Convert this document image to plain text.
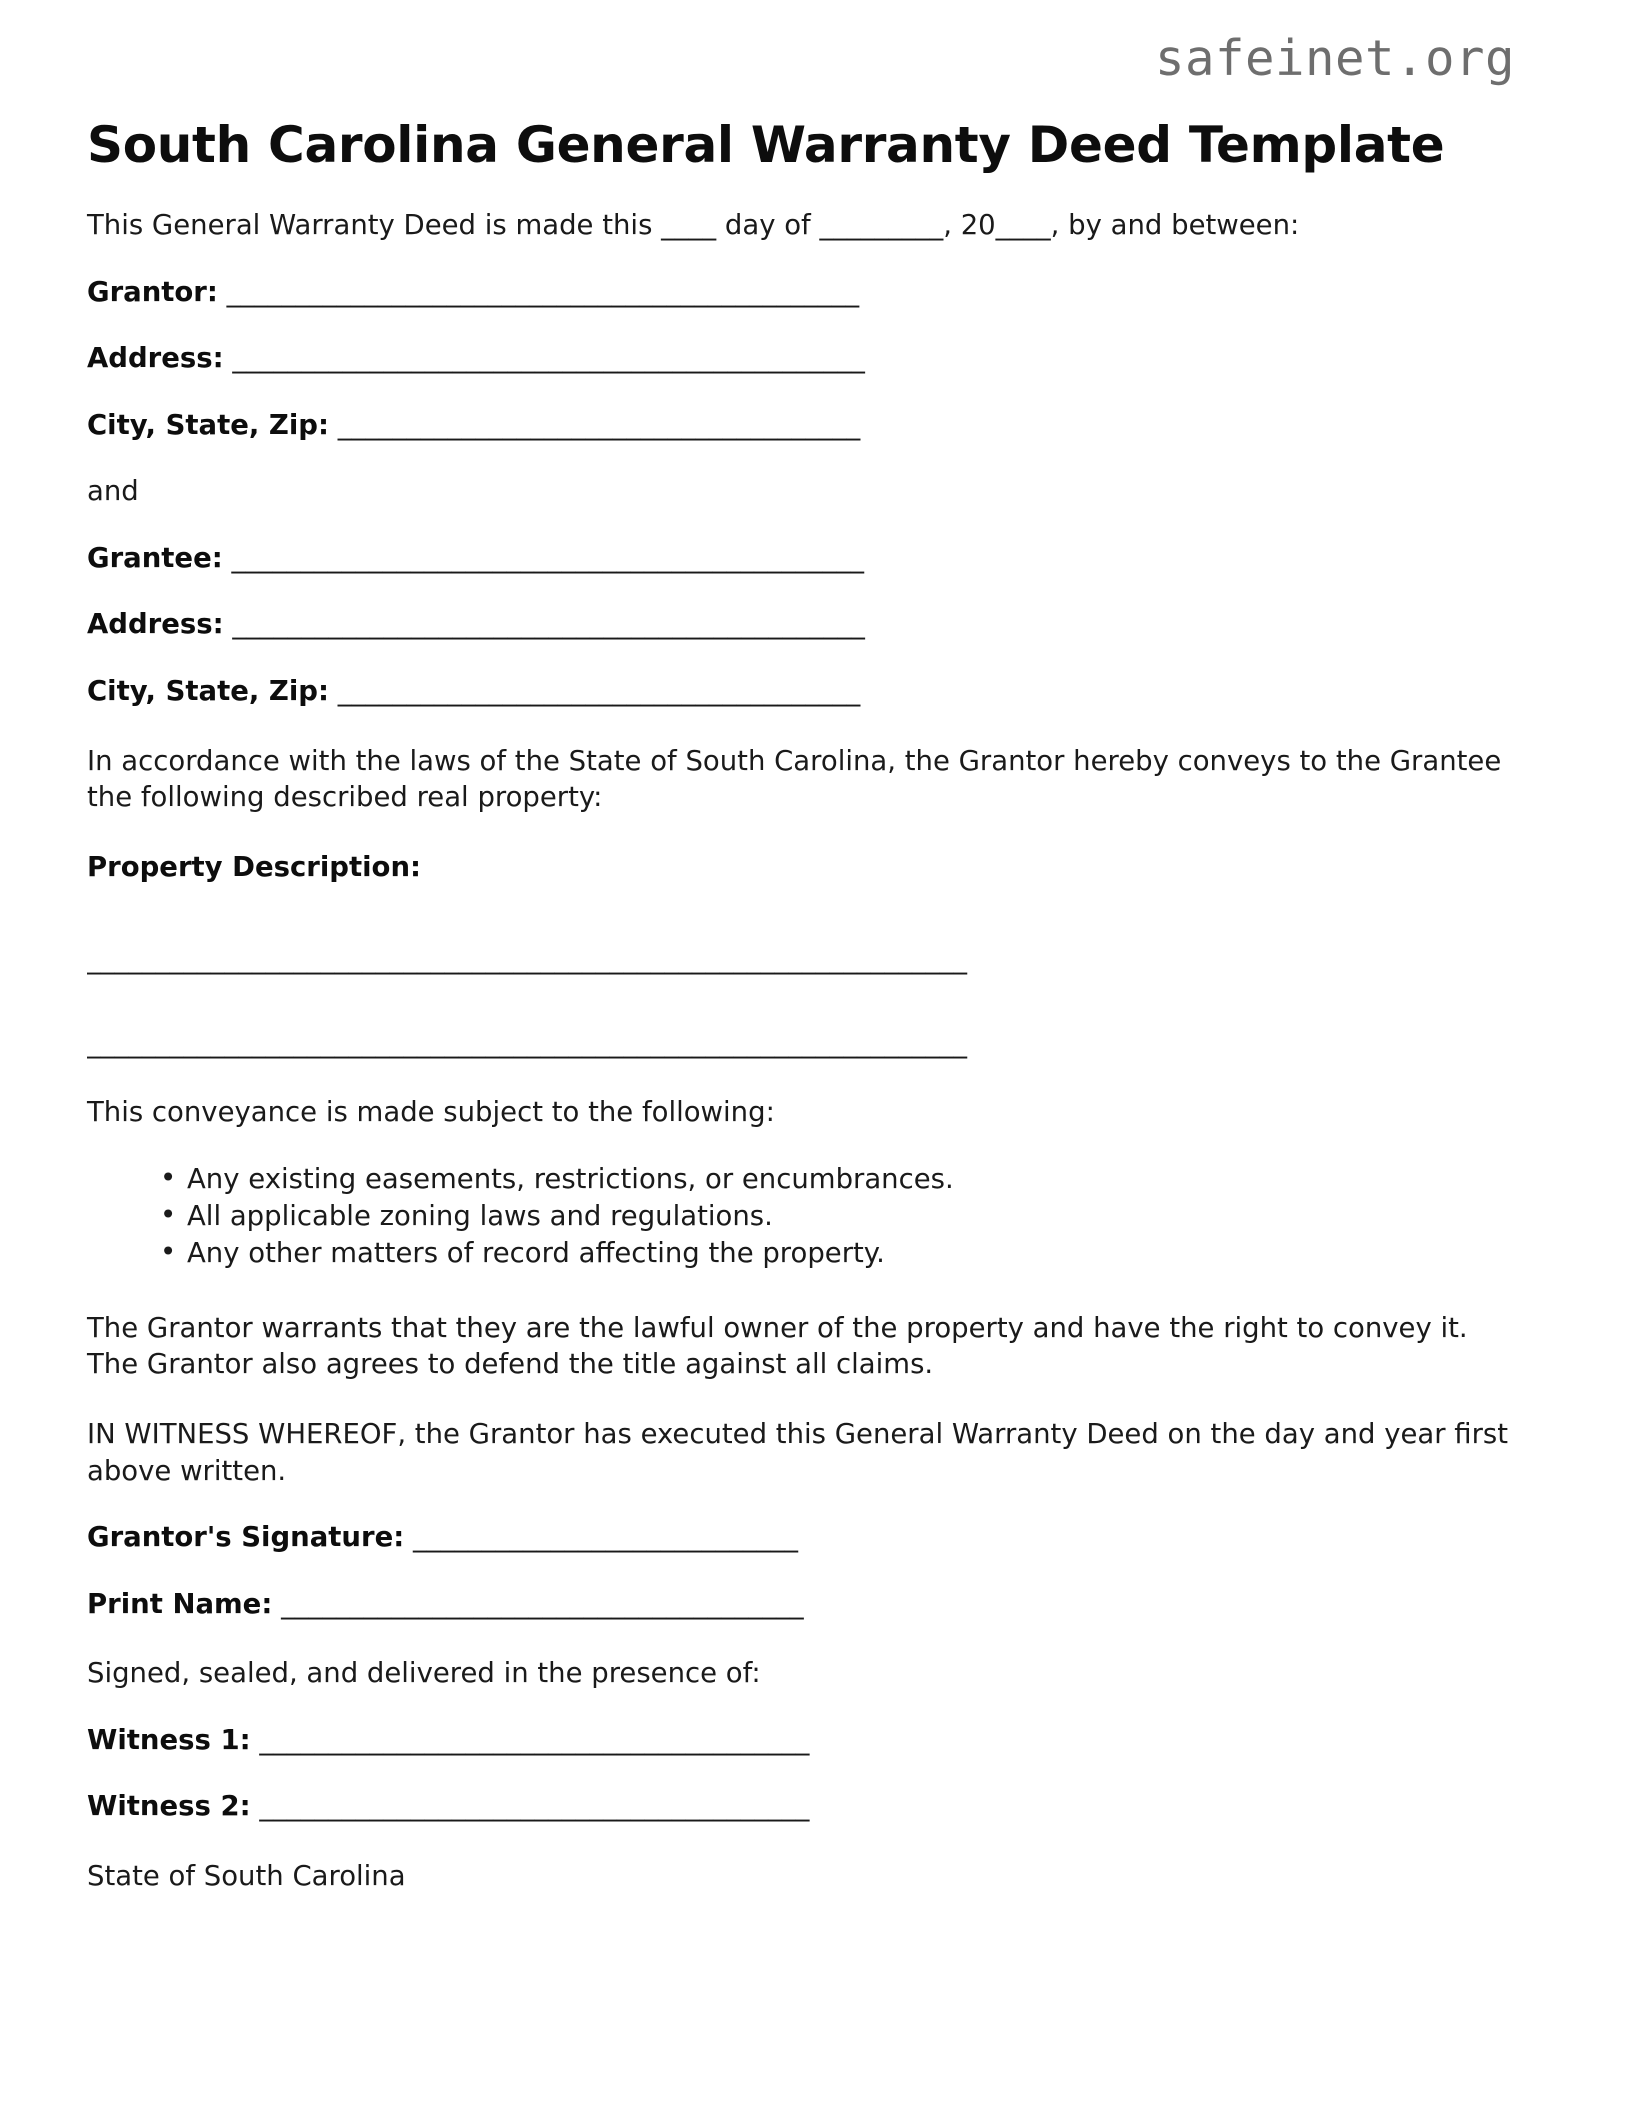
safeinet.org
South Carolina General Warranty Deed Template

This General Warranty Deed is made this ____ day of _________, 20____, by and between:

Grantor: ______________________________________________
Address: ______________________________________________
City, State, Zip: ______________________________________

and

Grantee: ______________________________________________
Address: ______________________________________________
City, State, Zip: ______________________________________

In accordance with the laws of the State of South Carolina, the Grantor hereby conveys to the Grantee the following described real property:

Property Description:

________________________________________________________________
________________________________________________________________

This conveyance is made subject to the following:

• Any existing easements, restrictions, or encumbrances.
• All applicable zoning laws and regulations.
• Any other matters of record affecting the property.

The Grantor warrants that they are the lawful owner of the property and have the right to convey it. The Grantor also agrees to defend the title against all claims.

IN WITNESS WHEREOF, the Grantor has executed this General Warranty Deed on the day and year first above written.

Grantor's Signature: ____________________________
Print Name: ______________________________________

Signed, sealed, and delivered in the presence of:

Witness 1: ________________________________________
Witness 2: ________________________________________

State of South Carolina
